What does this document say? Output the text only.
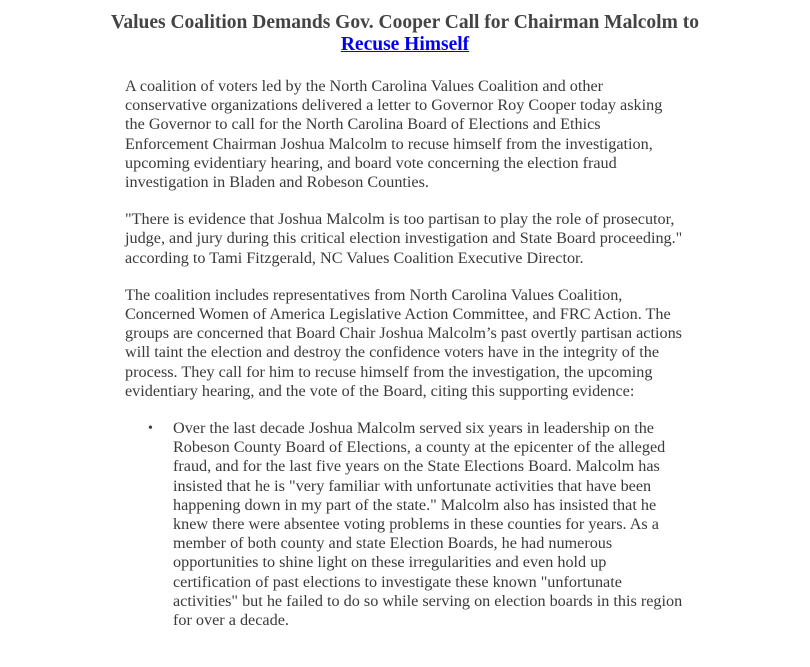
Values Coalition Demands Gov. Cooper Call for Chairman Malcolm to Recuse Himself

A coalition of voters led by the North Carolina Values Coalition and other conservative organizations delivered a letter to Governor Roy Cooper today asking the Governor to call for the North Carolina Board of Elections and Ethics Enforcement Chairman Joshua Malcolm to recuse himself from the investigation, upcoming evidentiary hearing, and board vote concerning the election fraud investigation in Bladen and Robeson Counties.

"There is evidence that Joshua Malcolm is too partisan to play the role of prosecutor, judge, and jury during this critical election investigation and State Board proceeding." according to Tami Fitzgerald, NC Values Coalition Executive Director.

The coalition includes representatives from North Carolina Values Coalition, Concerned Women of America Legislative Action Committee, and FRC Action. The groups are concerned that Board Chair Joshua Malcolm’s past overtly partisan actions will taint the election and destroy the confidence voters have in the integrity of the process. They call for him to recuse himself from the investigation, the upcoming evidentiary hearing, and the vote of the Board, citing this supporting evidence:

• Over the last decade Joshua Malcolm served six years in leadership on the Robeson County Board of Elections, a county at the epicenter of the alleged fraud, and for the last five years on the State Elections Board. Malcolm has insisted that he is "very familiar with unfortunate activities that have been happening down in my part of the state." Malcolm also has insisted that he knew there were absentee voting problems in these counties for years. As a member of both county and state Election Boards, he had numerous opportunities to shine light on these irregularities and even hold up certification of past elections to investigate these known "unfortunate activities" but he failed to do so while serving on election boards in this region for over a decade.
